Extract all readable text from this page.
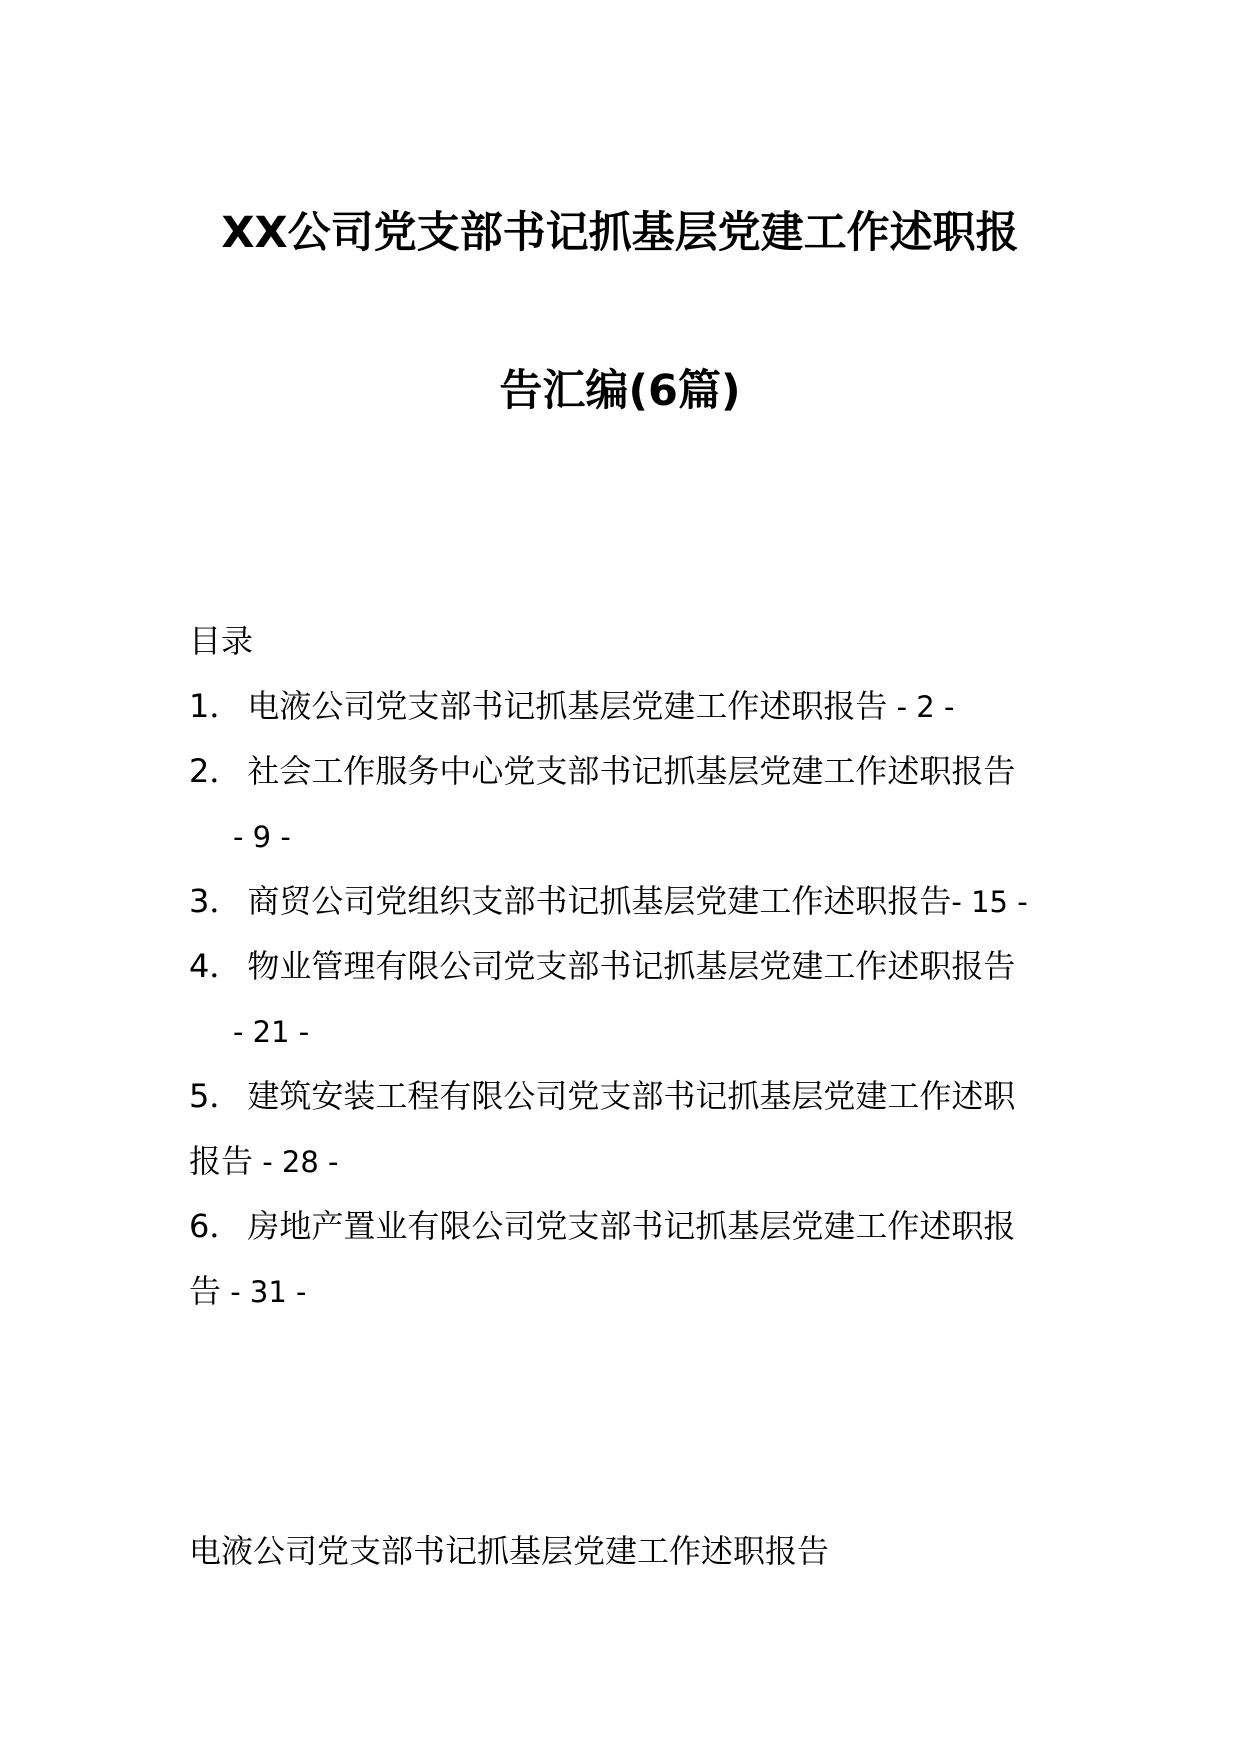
XX公司党支部书记抓基层党建工作述职报
告汇编(6篇)
目录
1． 电液公司党支部书记抓基层党建工作述职报告 - 2 -
2． 社会工作服务中心党支部书记抓基层党建工作述职报告
- 9 -
3． 商贸公司党组织支部书记抓基层党建工作述职报告- 15 -
4． 物业管理有限公司党支部书记抓基层党建工作述职报告
- 21 -
5． 建筑安装工程有限公司党支部书记抓基层党建工作述职
报告 - 28 -
6． 房地产置业有限公司党支部书记抓基层党建工作述职报
告 - 31 -
电液公司党支部书记抓基层党建工作述职报告
